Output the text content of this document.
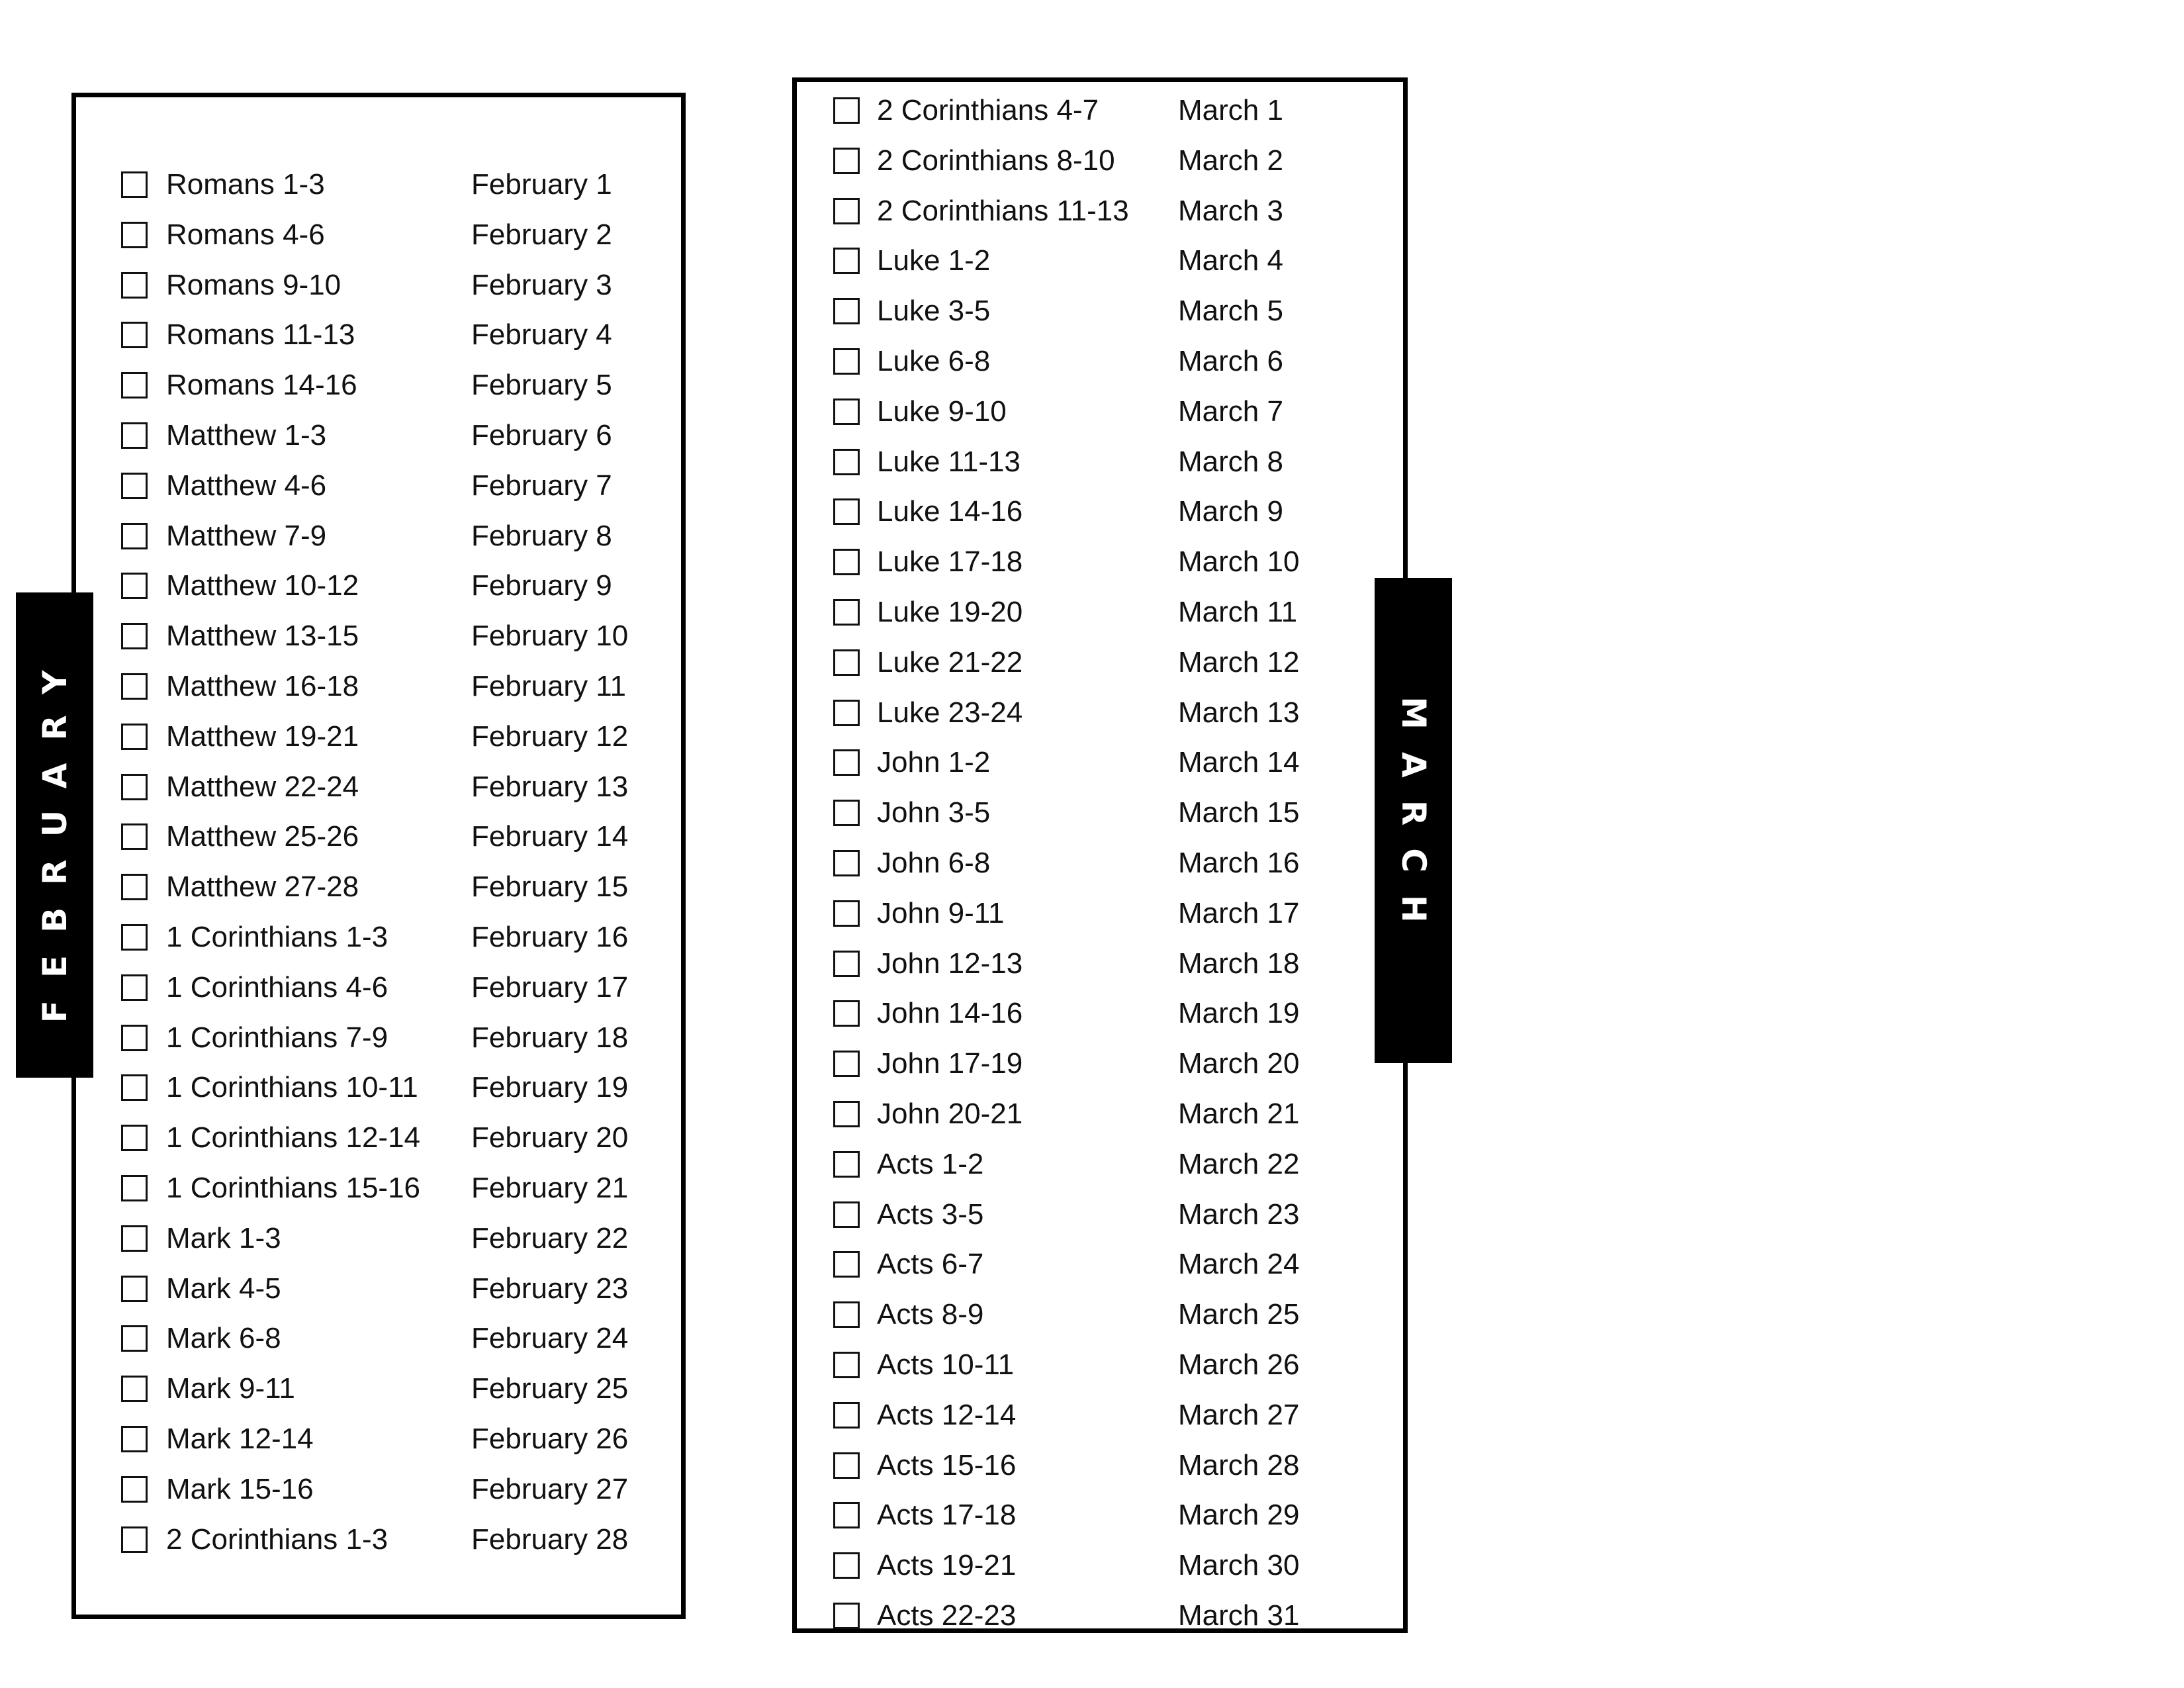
Romans 1-3	February 1
Romans 4-6	February 2
Romans 9-10	February 3
Romans 11-13	February 4
Romans 14-16	February 5
Matthew 1-3	February 6
Matthew 4-6	February 7
Matthew 7-9	February 8
Matthew 10-12	February 9
Matthew 13-15	February 10
Matthew 16-18	February 11
Matthew 19-21	February 12
Matthew 22-24	February 13
Matthew 25-26	February 14
Matthew 27-28	February 15
1 Corinthians 1-3	February 16
1 Corinthians 4-6	February 17
1 Corinthians 7-9	February 18
1 Corinthians 10-11 February 19
1 Corinthians 12-14 February 20
1 Corinthians 15-16 February 21
Mark 1-3	February 22
Mark 4-5	February 23
Mark 6-8	February 24
Mark 9-11	February 25
Mark 12-14	February 26
Mark 15-16	February 27
2 Corinthians 1-3	February 28
FEBRUARY
2 Corinthians 4-7	March 1
2 Corinthians 8-10 March 2
2 Corinthians 11-13 March 3
Luke 1-2	March 4
Luke 3-5	March 5
Luke 6-8	March 6
Luke 9-10	March 7
Luke 11-13	March 8
Luke 14-16	March 9
Luke 17-18	March 10
Luke 19-20	March 11
Luke 21-22	March 12
Luke 23-24	March 13
John 1-2	March 14
John 3-5	March 15
John 6-8	March 16
John 9-11	March 17
John 12-13	March 18
John 14-16	March 19
John 17-19	March 20
John 20-21	March 21
Acts 1-2	March 22
Acts 3-5	March 23
Acts 6-7	March 24
Acts 8-9	March 25
Acts 10-11	March 26
Acts 12-14	March 27
Acts 15-16	March 28
Acts 17-18	March 29
Acts 19-21	March 30
Acts 22-23	March 31
MARCH
